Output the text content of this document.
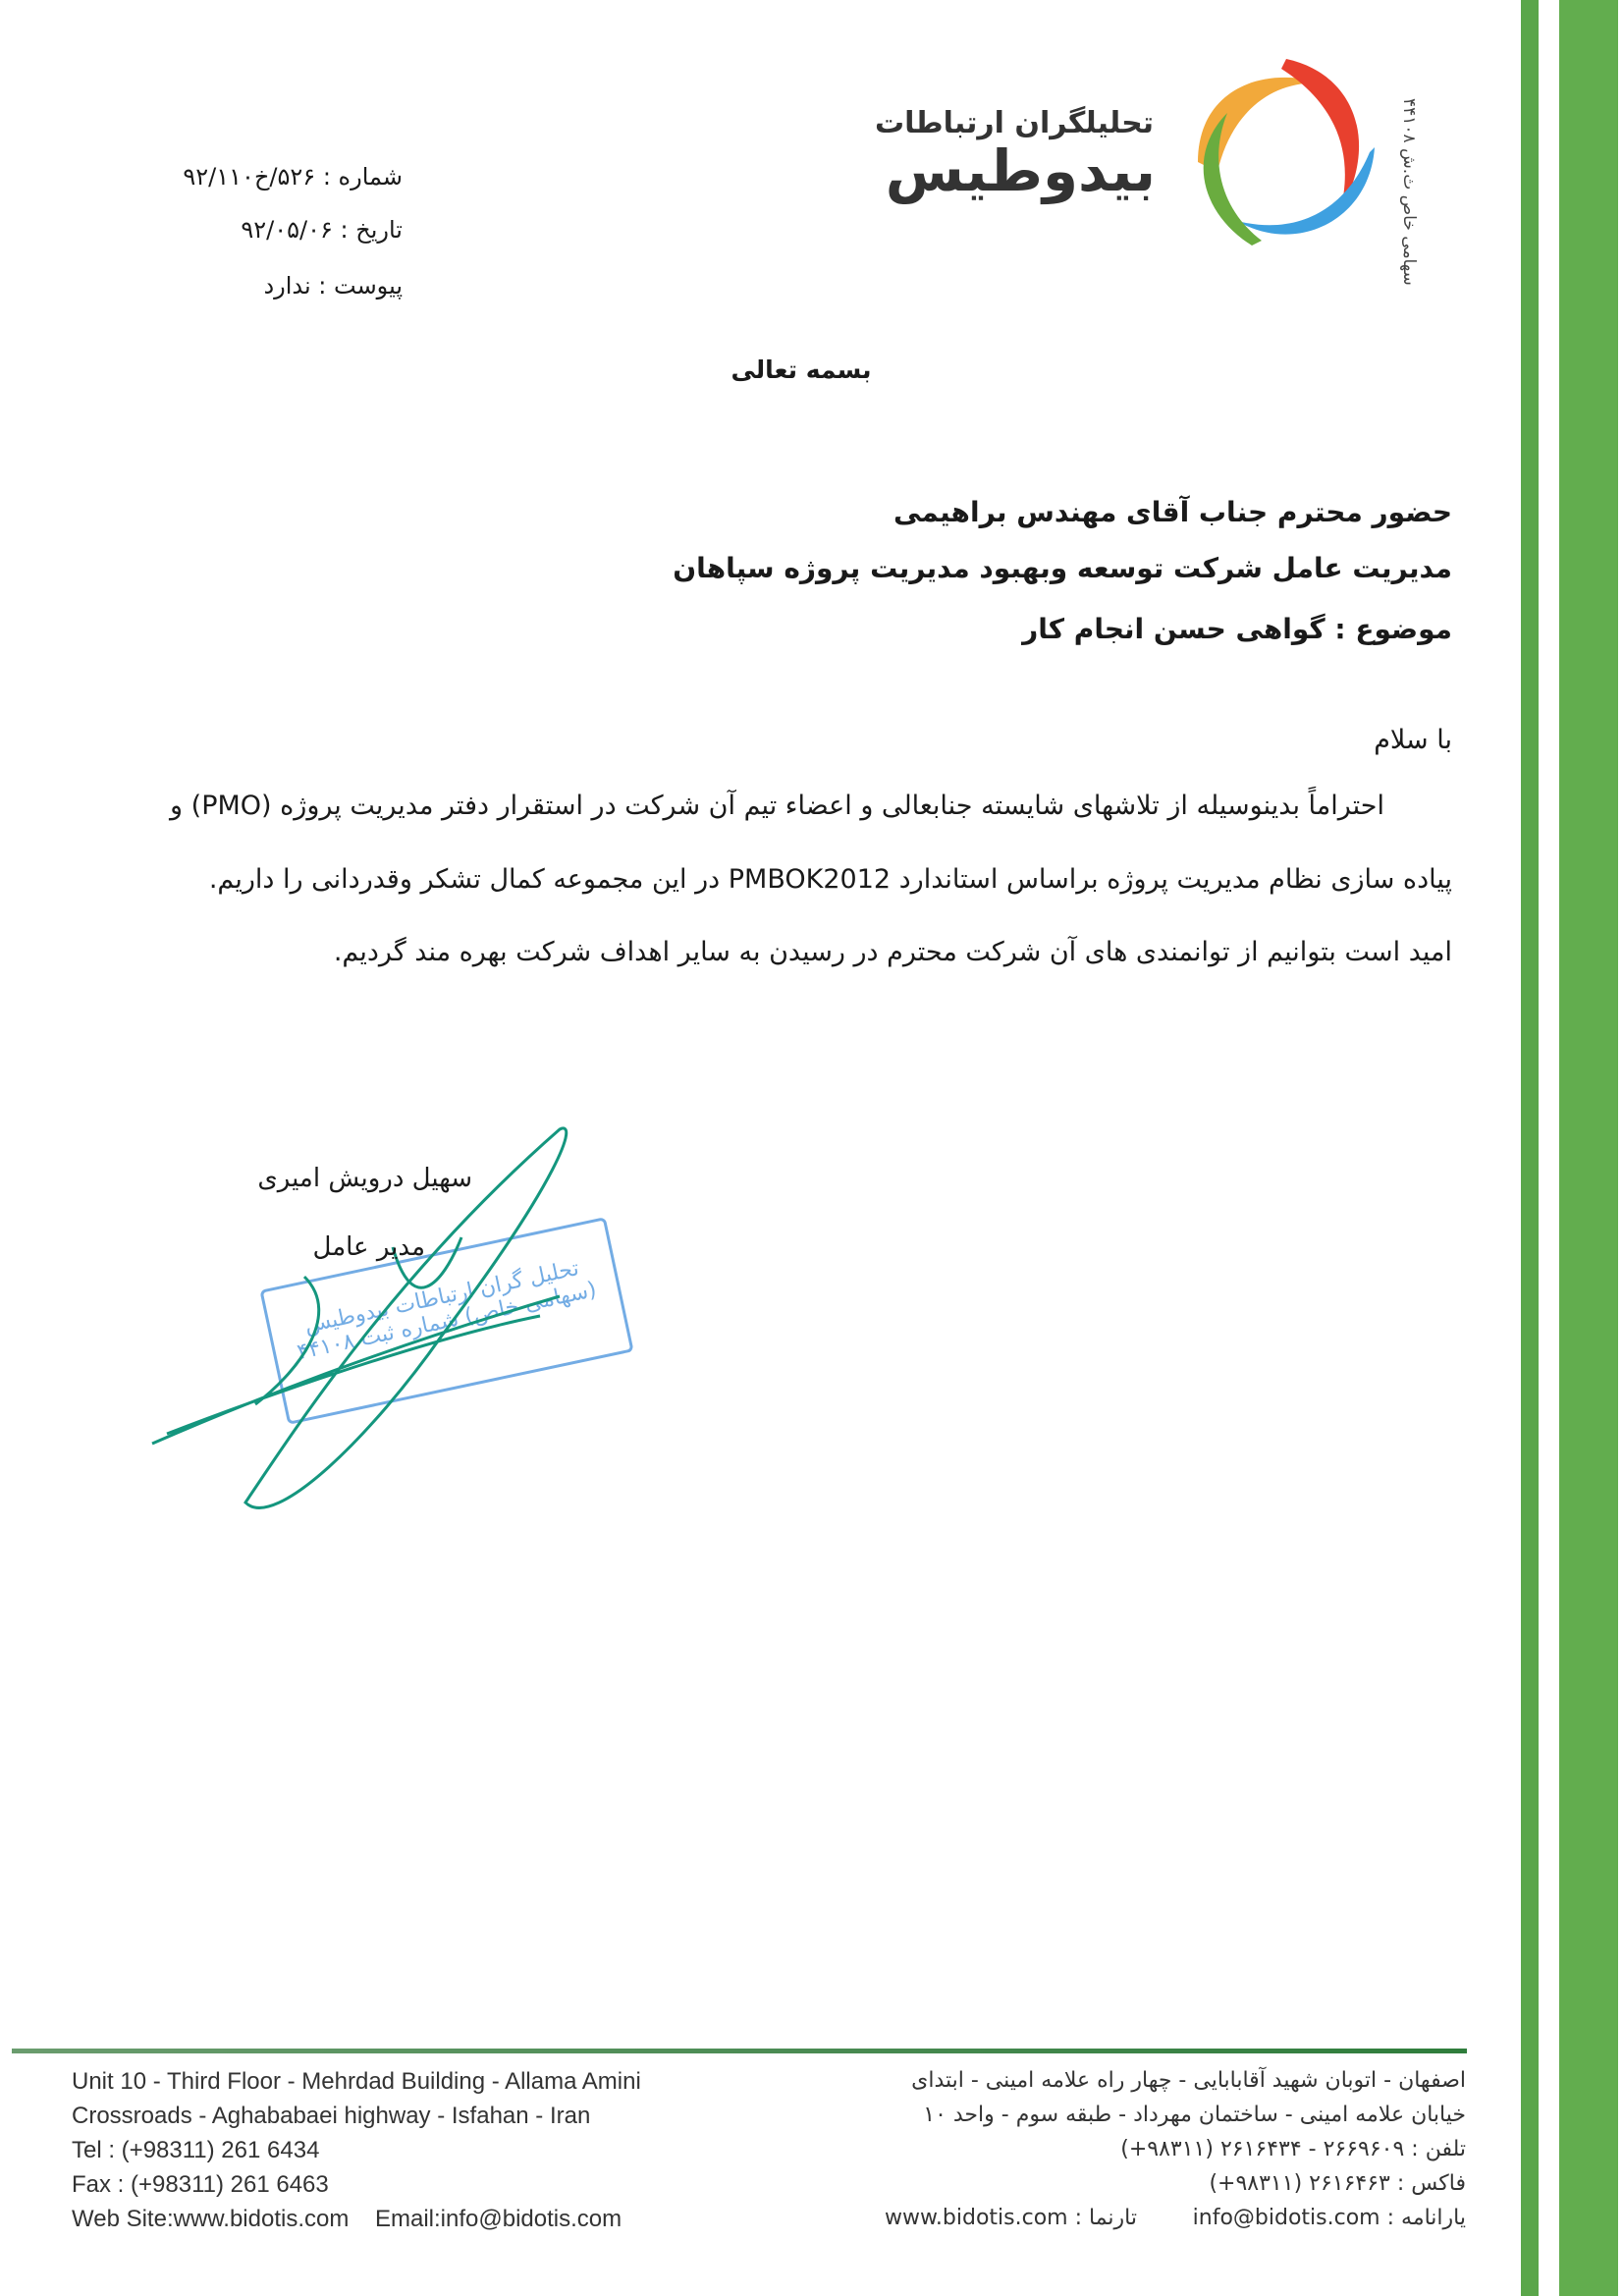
تحلیلگران ارتباطات
بیدوطیس
سهامی خاص ث.ش ۴۴۱۰۸
شماره : ۵۲۶/خ۹۲/۱۱۰
تاریخ : ۹۲/۰۵/۰۶
پیوست : ندارد
بسمه تعالی
حضور محترم جناب آقای مهندس براهیمی
مدیریت عامل شرکت توسعه وبهبود مدیریت پروژه سپاهان
موضوع : گواهی حسن انجام کار
با سلام
احتراماً بدینوسیله از تلاشهای شایسته جنابعالی و اعضاء تیم آن شرکت در استقرار دفتر مدیریت پروژه (PMO) و
پیاده سازی نظام مدیریت پروژه براساس استاندارد PMBOK2012 در این مجموعه کمال تشکر وقدردانی را داریم.
امید است بتوانیم از توانمندی های آن شرکت محترم در رسیدن به سایر اهداف شرکت بهره مند گردیم.
تحلیل گران ارتباطات بیدوطیس (سهامی خاص) شماره ثبت ۴۴۱۰۸
سهیل درویش امیری
مدیر عامل
Unit 10 - Third Floor - Mehrdad Building - Allama Amini
Crossroads - Aghababaei highway - Isfahan - Iran
Tel : (+98311) 261 6434
Fax : (+98311) 261 6463
Web Site:www.bidotis.com    Email:info@bidotis.com
اصفهان - اتوبان شهید آقابابایی - چهار راه علامه امینی - ابتدای
خیابان علامه امینی - ساختمان مهرداد - طبقه سوم - واحد ۱۰
تلفن : ۲۶۶۹۶۰۹ - ۲۶۱۶۴۳۴ (۹۸۳۱۱+)
فاکس : ۲۶۱۶۴۶۳ (۹۸۳۱۱+)
یارانامه : info@bidotis.com
تارنما : www.bidotis.com
